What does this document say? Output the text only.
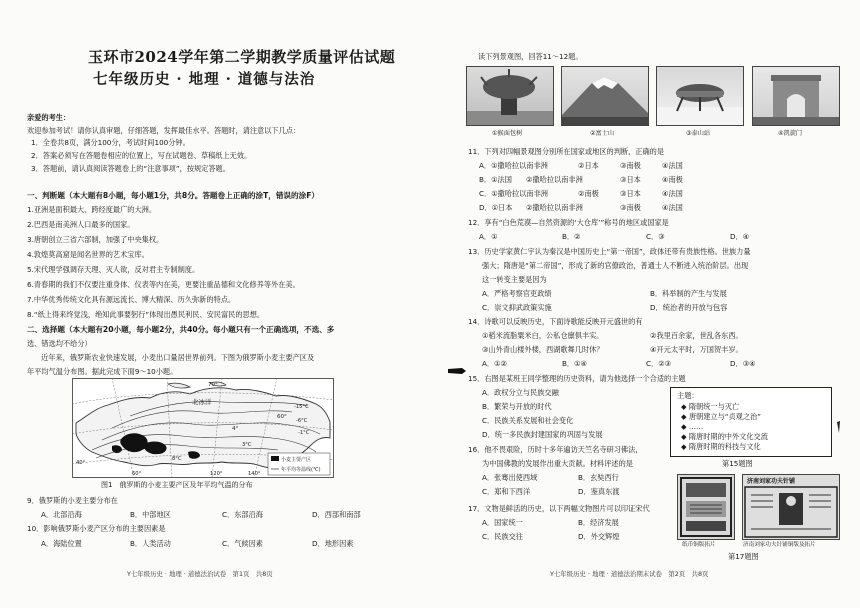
玉环市2024学年第二学期教学质量评估试题
七年级历史 · 地理 · 道德与法治
亲爱的考生：
欢迎参加考试！请你认真审题，仔细答题，发挥最佳水平。答题时，请注意以下几点：
1．全卷共8页，满分100分，考试时间100分钟。
2．答案必须写在答题卷相应的位置上，写在试题卷、草稿纸上无效。
3．答题前，请认真阅读答题卷上的“注意事项”，按规定答题。
一、判断题（本大题有8小题，每小题1分，共8分。答题卷上正确的涂T，错误的涂F）
1.亚洲是面积最大、跨经度最广的大洲。
2.巴西是南美洲人口最多的国家。
3.唐朝创立三省六部制，加强了中央集权。
4.敦煌莫高窟是闻名世界的艺术宝库。
5.宋代理学强调存天理、灭人欲，反对君主专制制度。
6.青春期的我们不仅要注重身体、仪表等内在美，更要注重品德和文化修养等外在美。
7.中华优秀传统文化具有源远流长、博大精深、历久弥新的特点。
8.“纸上得来终觉浅，绝知此事要躬行”体现出愚民利民、安民富民的思想。
二、选择题（本大题有20小题，每小题2分，共40分。每小题只有一个正确选项，不选、多
选、错选均不给分）
近年来，俄罗斯农业快速发展，小麦出口量居世界前列。下图为俄罗斯小麦主要产区及
年平均气温分布图。据此完成下面9～10小题。
70°
北冰洋
60°
4°
-15°C
-6°C
-1°C
3°C
8°C
40°
60°	120°	140°
小麦主要产区
年平均等温线(℃)
图1　俄罗斯的小麦主要产区及年平均气温的分布
9．俄罗斯的小麦主要分布在
A．北部沿海	B．中部地区	C．东部沿海	D．西部和南部
10．影响俄罗斯小麦产区分布的主要因素是
A．海陆位置	B．人类活动	C．气候因素	D．地形因素
Y七年级历史 · 地理 · 道德法治试卷　第1页　共8页
读下列景观图，回答11～12题。
①猴面包树	②富士山	③泰山站	④凯旋门
11．下列对四幅景观图分别所在国家或地区的判断，正确的是
A．①撒哈拉以南非洲	②日本	③南极	④法国
B．①法国 ②撒哈拉以南非洲	③日本	④南极
C．①撒哈拉以南非洲	②南极	③日本	④法国
D．①日本 ②撒哈拉以南非洲	③南极	④法国
12．享有“白色荒漠—自然资源的‘大仓库’”称号的地区或国家是
A．①	B．②	C．③	D．④
13．历史学家黄仁宇认为秦汉是中国历史上“第一帝国”，政体还带有贵族性格。世族力量
强大；隋唐是“第二帝国”，形成了新的官僚政治，普通士人不断进入统治阶层。出现
这一转变主要是因为
A．严格考察官吏政绩	B．科举制的产生与发展
C．崇文抑武政策实施	D．统治者的开放与包容
14．诗歌可以反映历史，下面诗歌能反映开元盛世的有
①稻米流脂粟米白，公私仓廪俱丰实。	②我里百余家，世乱各东西。
③山外青山楼外楼，西湖歌舞几时休？	④开元太平时，万国贺丰岁。
A．①②	B．①④	C．②③	D．③④
15．右图是某班王同学整理的历史资料，请为他选择一个合适的主题
A．政权分立与民族交融
B．繁荣与开放的时代
C．民族关系发展和社会变化
D．统一多民族封建国家的巩固与发展
主题：
◆ 隋朝统一与灭亡
◆ 唐朝建立与“贞观之治”
◆ ……
◆ 隋唐时期的中外文化交流
◆ 隋唐时期的科技与文化
第15题图
16．他不畏艰险，历时十多年遍访天竺名寺研习佛法，
为中国佛教的发展作出重大贡献。材料评述的是
A．张骞出使西域	B．玄奘西行
C．郑和下西洋	D．鉴真东渡
17．文物是鲜活的历史，以下两幅文物图片可以印证宋代
A．国家统一	B．经济发展
C．民族交往	D．外交辉煌
济南刘家功夫针铺
纸币铜版拓片	济南刘家功夫针铺铜版及拓片
第17题图
Y七年级历史 · 地理 · 道德法治期末试卷　第2页　共8页
